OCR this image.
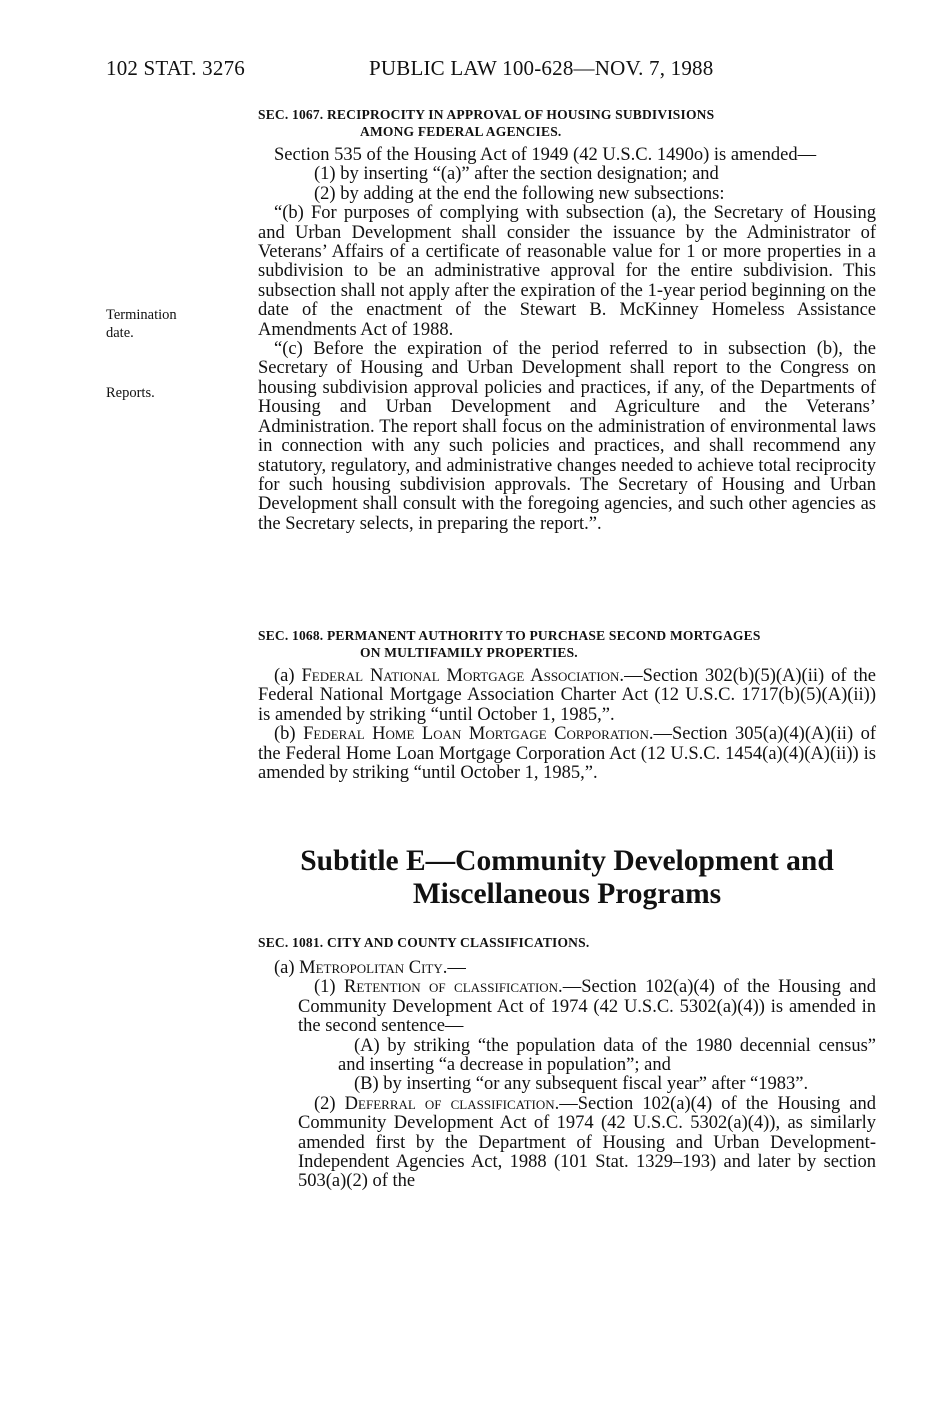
102 STAT. 3276	PUBLIC LAW 100-628—NOV. 7, 1988
Termination
date.
Reports.

SEC. 1067. RECIPROCITY IN APPROVAL OF HOUSING SUBDIVISIONS
AMONG FEDERAL AGENCIES.

Section 535 of the Housing Act of 1949 (42 U.S.C. 1490o) is amended—

(1) by inserting “(a)” after the section designation; and

(2) by adding at the end the following new subsections:

“(b) For purposes of complying with subsection (a), the Secretary of Housing and Urban Development shall consider the issuance by the Administrator of Veterans’ Affairs of a certificate of reasonable value for 1 or more properties in a subdivision to be an administrative approval for the entire subdivision. This subsection shall not apply after the expiration of the 1-year period beginning on the date of the enactment of the Stewart B. McKinney Homeless Assistance Amendments Act of 1988.

“(c) Before the expiration of the period referred to in subsection (b), the Secretary of Housing and Urban Development shall report to the Congress on housing subdivision approval policies and practices, if any, of the Departments of Housing and Urban Development and Agriculture and the Veterans’ Administration. The report shall focus on the administration of environmental laws in connection with any such policies and practices, and shall recommend any statutory, regulatory, and administrative changes needed to achieve total reciprocity for such housing subdivision approvals. The Secretary of Housing and Urban Development shall consult with the foregoing agencies, and such other agencies as the Secretary selects, in preparing the report.”.

SEC. 1068. PERMANENT AUTHORITY TO PURCHASE SECOND MORTGAGES
ON MULTIFAMILY PROPERTIES.

(a) Federal National Mortgage Association.—Section 302(b)(5)(A)(ii) of the Federal National Mortgage Association Charter Act (12 U.S.C. 1717(b)(5)(A)(ii)) is amended by striking “until October 1, 1985,”.

(b) Federal Home Loan Mortgage Corporation.—Section 305(a)(4)(A)(ii) of the Federal Home Loan Mortgage Corporation Act (12 U.S.C. 1454(a)(4)(A)(ii)) is amended by striking “until October 1, 1985,”.

Subtitle E—Community Development and
Miscellaneous Programs

SEC. 1081. CITY AND COUNTY CLASSIFICATIONS.

(a) Metropolitan City.—

(1) Retention of classification.—Section 102(a)(4) of the Housing and Community Development Act of 1974 (42 U.S.C. 5302(a)(4)) is amended in the second sentence—

(A) by striking “the population data of the 1980 decennial census” and inserting “a decrease in population”; and

(B) by inserting “or any subsequent fiscal year” after “1983”.

(2) Deferral of classification.—Section 102(a)(4) of the Housing and Community Development Act of 1974 (42 U.S.C. 5302(a)(4)), as similarly amended first by the Department of Housing and Urban Development-Independent Agencies Act, 1988 (101 Stat. 1329–193) and later by section 503(a)(2) of the
